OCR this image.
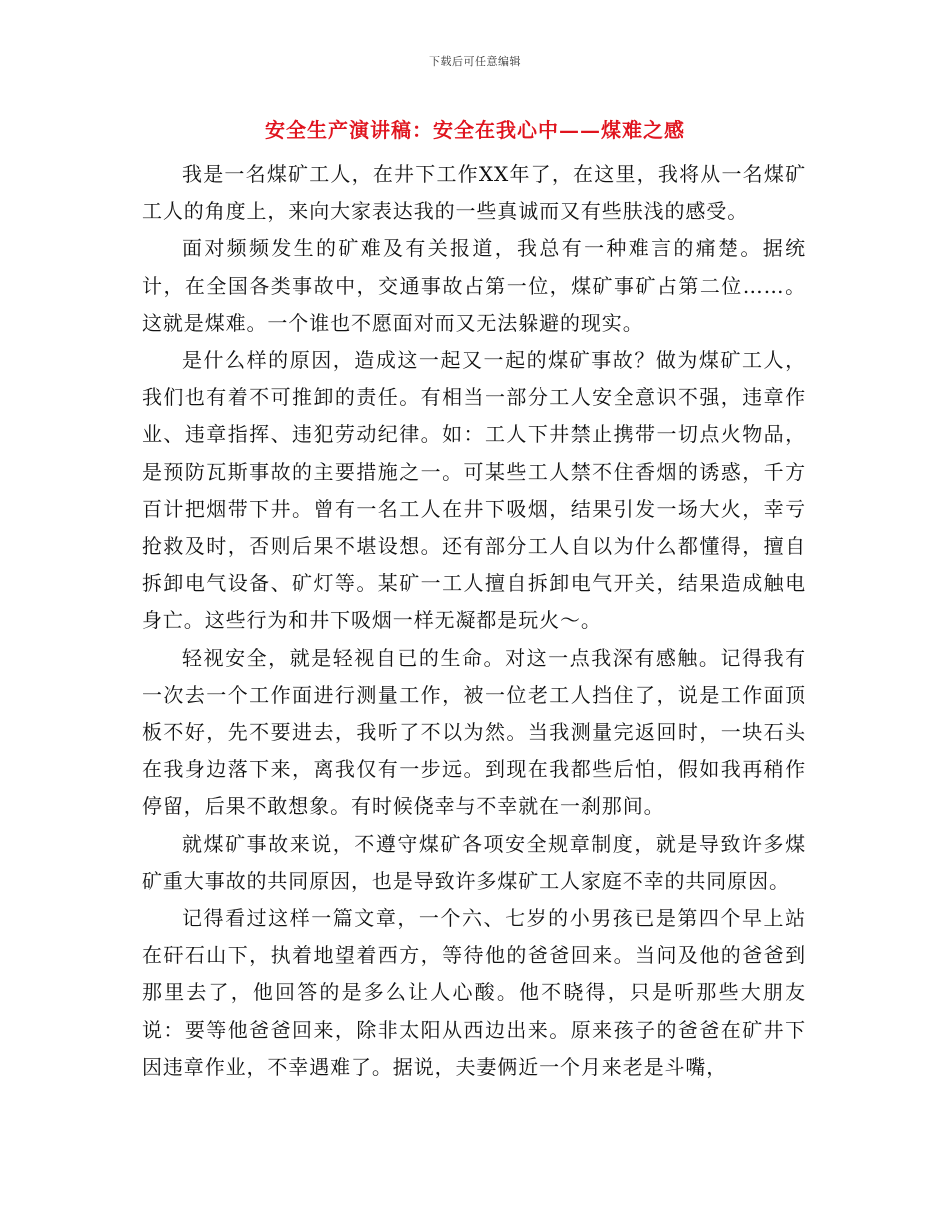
下载后可任意编辑
安全生产演讲稿：安全在我心中——煤难之感

我是一名煤矿工人，在井下工作XX年了，在这里，我将从一名煤矿工人的角度上，来向大家表达我的一些真诚而又有些肤浅的感受。

面对频频发生的矿难及有关报道，我总有一种难言的痛楚。据统计，在全国各类事故中，交通事故占第一位，煤矿事矿占第二位……。这就是煤难。一个谁也不愿面对而又无法躲避的现实。

是什么样的原因，造成这一起又一起的煤矿事故？做为煤矿工人，我们也有着不可推卸的责任。有相当一部分工人安全意识不强，违章作业、违章指挥、违犯劳动纪律。如：工人下井禁止携带一切点火物品，是预防瓦斯事故的主要措施之一。可某些工人禁不住香烟的诱惑，千方百计把烟带下井。曾有一名工人在井下吸烟，结果引发一场大火，幸亏抢救及时，否则后果不堪设想。还有部分工人自以为什么都懂得，擅自拆卸电气设备、矿灯等。某矿一工人擅自拆卸电气开关，结果造成触电身亡。这些行为和井下吸烟一样无凝都是玩火～。

轻视安全，就是轻视自已的生命。对这一点我深有感触。记得我有一次去一个工作面进行测量工作，被一位老工人挡住了，说是工作面顶板不好，先不要进去，我听了不以为然。当我测量完返回时，一块石头在我身边落下来，离我仅有一步远。到现在我都些后怕，假如我再稍作停留，后果不敢想象。有时候侥幸与不幸就在一刹那间。

就煤矿事故来说，不遵守煤矿各项安全规章制度，就是导致许多煤矿重大事故的共同原因，也是导致许多煤矿工人家庭不幸的共同原因。

记得看过这样一篇文章，一个六、七岁的小男孩已是第四个早上站在矸石山下，执着地望着西方，等待他的爸爸回来。当问及他的爸爸到那里去了，他回答的是多么让人心酸。他不晓得，只是听那些大朋友说：要等他爸爸回来，除非太阳从西边出来。原来孩子的爸爸在矿井下因违章作业，不幸遇难了。据说，夫妻俩近一个月来老是斗嘴，
